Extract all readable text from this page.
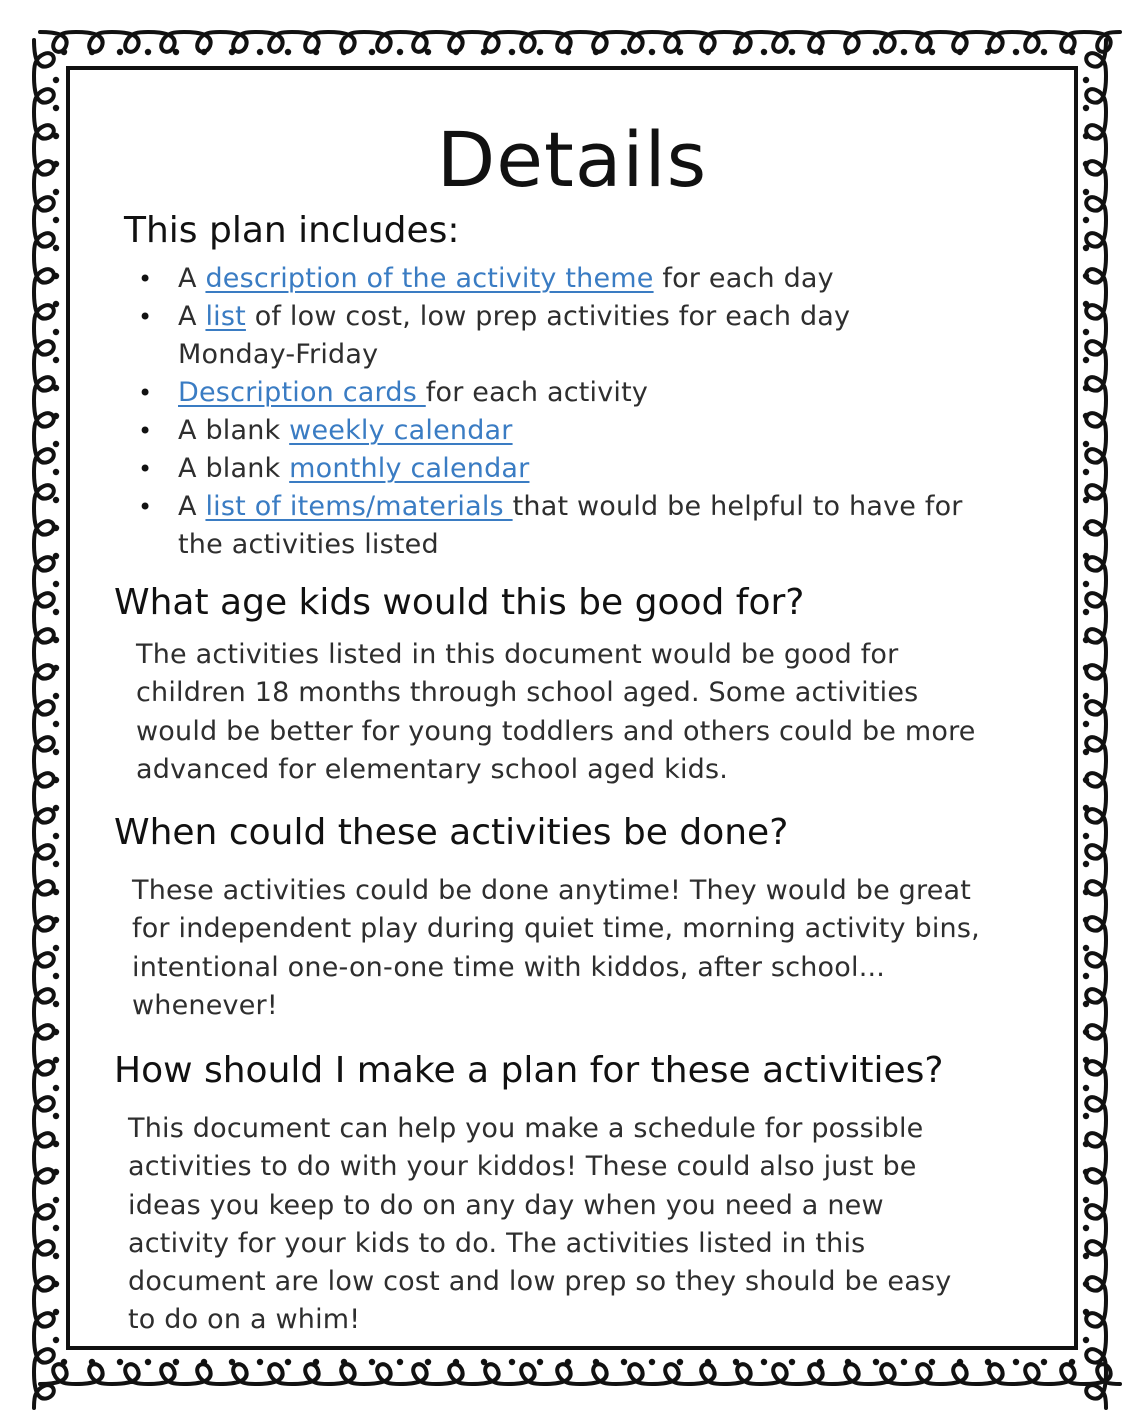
Details
This plan includes:
• A description of the activity theme for each day
• A list of low cost, low prep activities for each day
Monday-Friday
• Description cards for each activity
• A blank weekly calendar
• A blank monthly calendar
• A list of items/materials that would be helpful to have for
the activities listed
What age kids would this be good for?
The activities listed in this document would be good for
children 18 months through school aged. Some activities
would be better for young toddlers and others could be more
advanced for elementary school aged kids.
When could these activities be done?
These activities could be done anytime! They would be great
for independent play during quiet time, morning activity bins,
intentional one-on-one time with kiddos, after school...
whenever!
How should I make a plan for these activities?
This document can help you make a schedule for possible
activities to do with your kiddos! These could also just be
ideas you keep to do on any day when you need a new
activity for your kids to do. The activities listed in this
document are low cost and low prep so they should be easy
to do on a whim!
